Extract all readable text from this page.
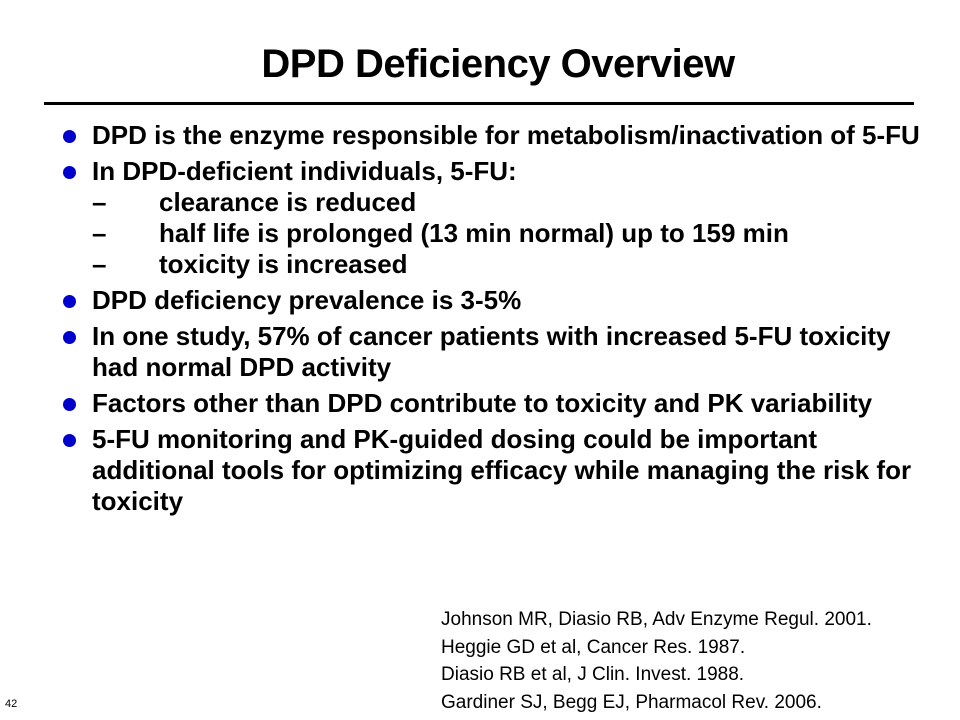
DPD Deficiency Overview
DPD is the enzyme responsible for metabolism/inactivation of 5-FU
In DPD-deficient individuals, 5-FU:
– clearance is reduced
– half life is prolonged (13 min normal) up to 159 min
– toxicity is increased
DPD deficiency prevalence is 3-5%
In one study, 57% of cancer patients with increased 5-FU toxicity had normal DPD activity
Factors other than DPD contribute to toxicity and PK variability
5-FU monitoring and PK-guided dosing could be important additional tools for optimizing efficacy while managing the risk for toxicity
Johnson MR, Diasio RB, Adv Enzyme Regul. 2001.
Heggie GD et al, Cancer Res. 1987.
Diasio RB et al, J Clin. Invest. 1988.
Gardiner SJ, Begg EJ, Pharmacol Rev. 2006.
42
